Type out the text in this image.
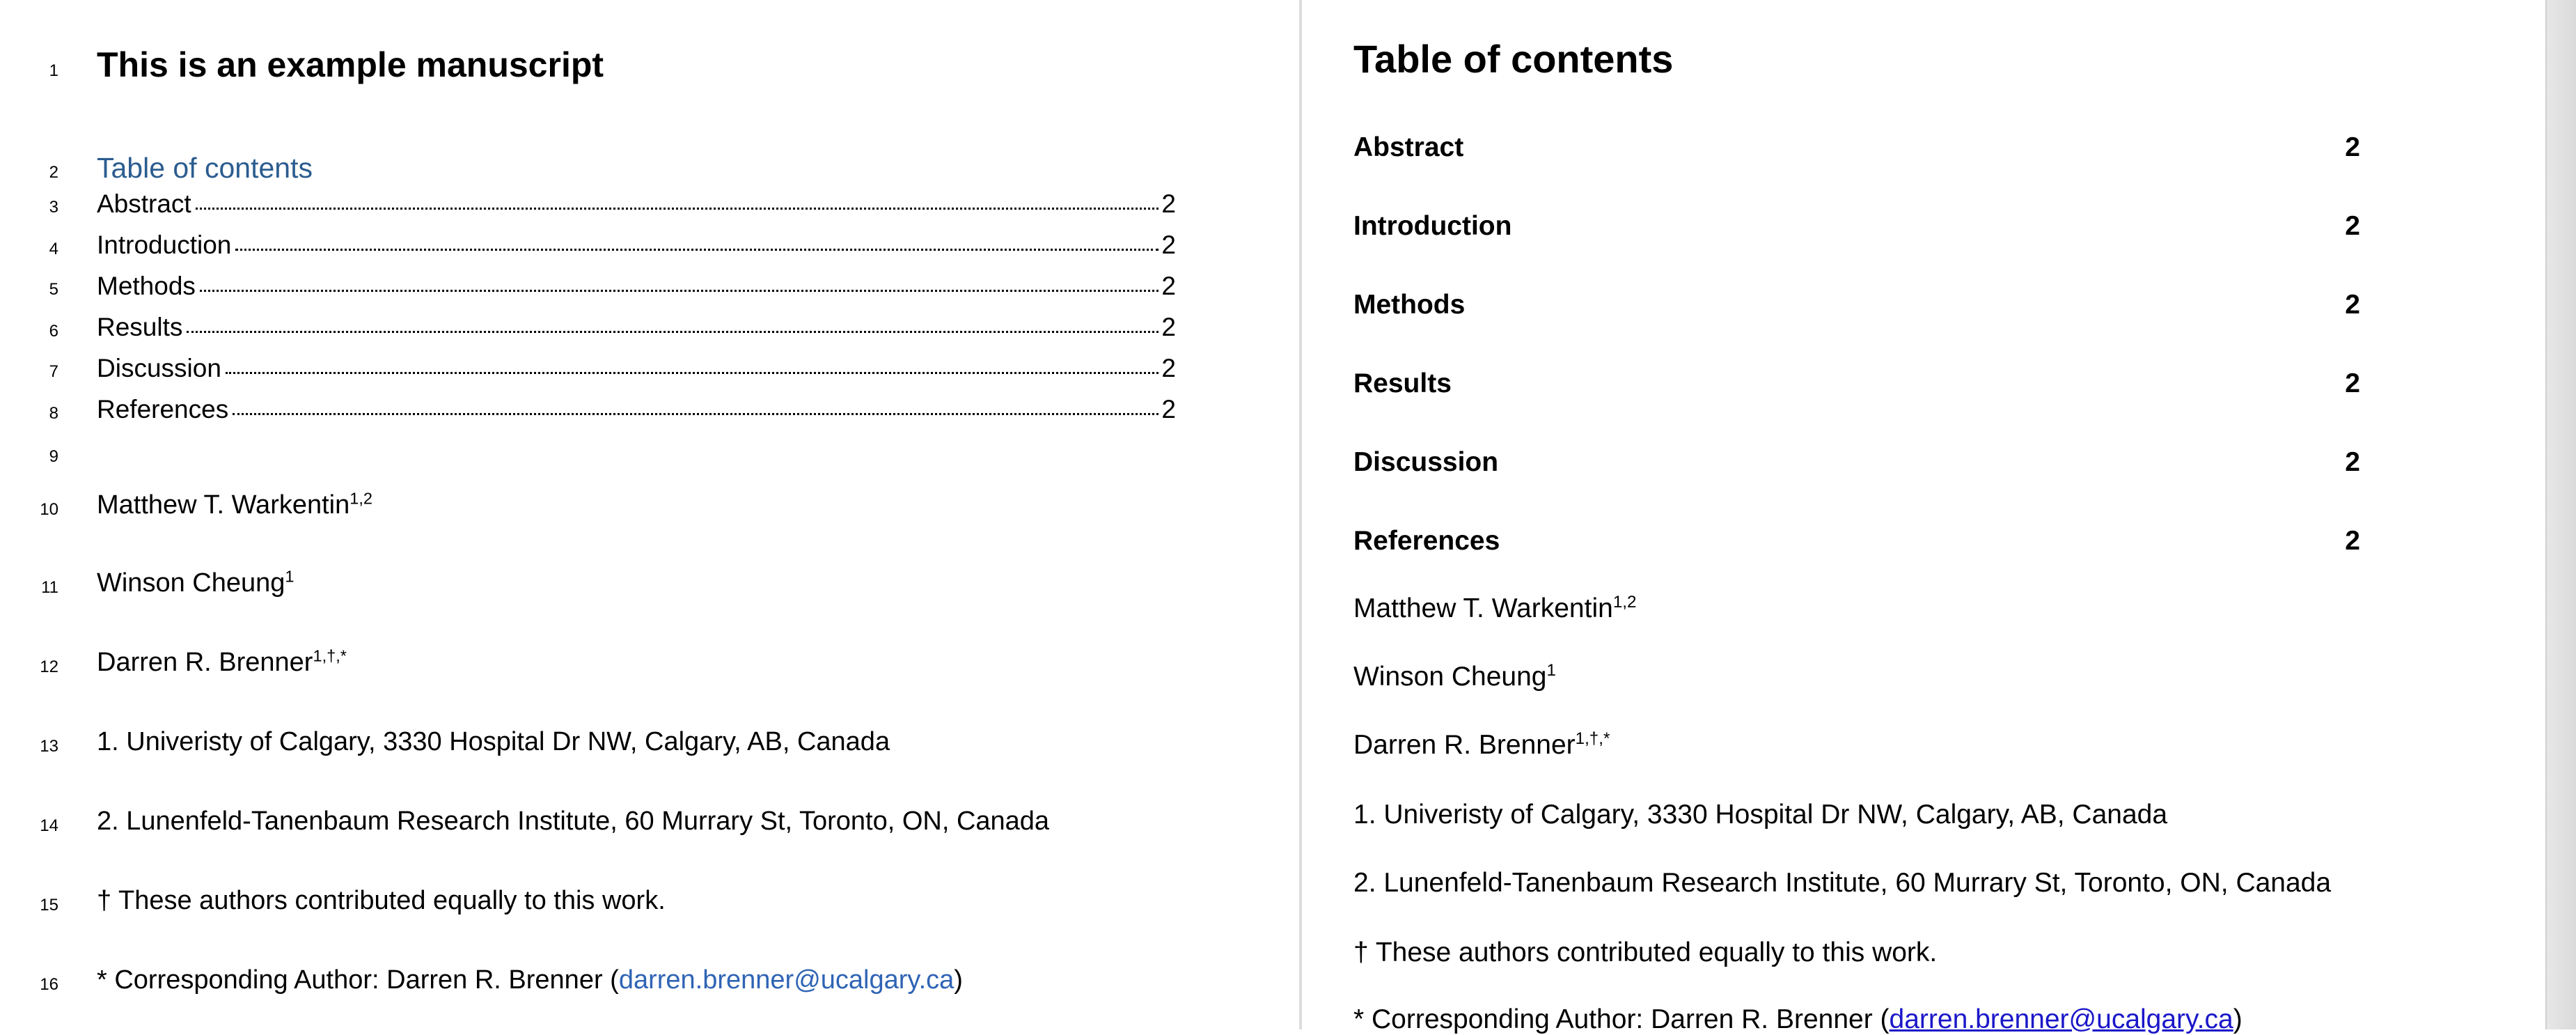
1
2
3
4
5
6
7
8
9
10
11
12
13
14
15
16
This is an example manuscript
Table of contents
Abstract	2
Introduction	2
Methods	2
Results	2
Discussion	2
References	2
Matthew T. Warkentin$^{1,2}$
Winson Cheung$^1$
Darren R. Brenner$^{1,\dagger,*}$
1. Univeristy of Calgary, 3330 Hospital Dr NW, Calgary, AB, Canada
2. Lunenfeld-Tanenbaum Research Institute, 60 Murrary St, Toronto, ON, Canada
† These authors contributed equally to this work.
* Corresponding Author: Darren R. Brenner (darren.brenner@ucalgary.ca)
Table of contents
Abstract	2
Introduction	2
Methods	2
Results	2
Discussion	2
References	2
Matthew T. Warkentin$^{1,2}$
Winson Cheung$^1$
Darren R. Brenner$^{1,\dagger,*}$
1. Univeristy of Calgary, 3330 Hospital Dr NW, Calgary, AB, Canada
2. Lunenfeld-Tanenbaum Research Institute, 60 Murrary St, Toronto, ON, Canada
† These authors contributed equally to this work.
* Corresponding Author: Darren R. Brenner (darren.brenner@ucalgary.ca)
